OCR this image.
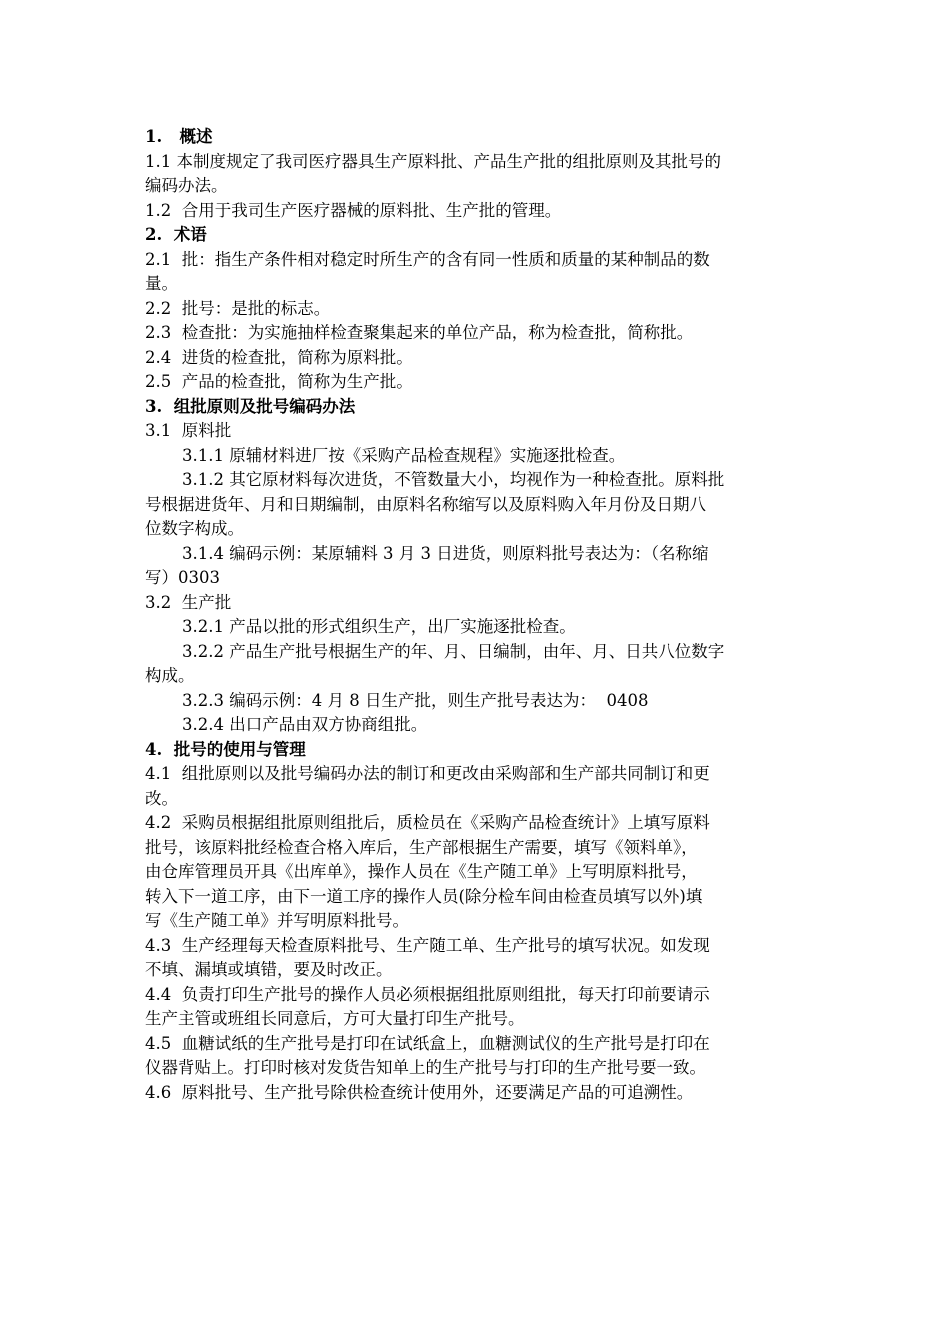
1.   概述
1.1 本制度规定了我司医疗器具生产原料批、产品生产批的组批原则及其批号的
编码办法。
1.2  合用于我司生产医疗器械的原料批、生产批的管理。
2.  术语
2.1  批：指生产条件相对稳定时所生产的含有同一性质和质量的某种制品的数
量。
2.2  批号：是批的标志。
2.3  检查批：为实施抽样检查聚集起来的单位产品，称为检查批，简称批。
2.4  进货的检查批，简称为原料批。
2.5  产品的检查批，简称为生产批。
3.  组批原则及批号编码办法
3.1  原料批
3.1.1 原辅材料进厂按《采购产品检查规程》实施逐批检查。
3.1.2 其它原材料每次进货，不管数量大小，均视作为一种检查批。原料批
号根据进货年、月和日期编制，由原料名称缩写以及原料购入年月份及日期八
位数字构成。
3.1.4 编码示例：某原辅料 3 月 3 日进货，则原料批号表达为：（名称缩
写）0303
3.2  生产批
3.2.1 产品以批的形式组织生产，出厂实施逐批检查。
3.2.2 产品生产批号根据生产的年、月、日编制，由年、月、日共八位数字
构成。
3.2.3 编码示例：4 月 8 日生产批，则生产批号表达为：  0408
3.2.4 出口产品由双方协商组批。
4.  批号的使用与管理
4.1  组批原则以及批号编码办法的制订和更改由采购部和生产部共同制订和更
改。
4.2  采购员根据组批原则组批后，质检员在《采购产品检查统计》上填写原料
批号，该原料批经检查合格入库后，生产部根据生产需要，填写《领料单》，
由仓库管理员开具《出库单》，操作人员在《生产随工单》上写明原料批号，
转入下一道工序，由下一道工序的操作人员(除分检车间由检查员填写以外)填
写《生产随工单》并写明原料批号。
4.3  生产经理每天检查原料批号、生产随工单、生产批号的填写状况。如发现
不填、漏填或填错，要及时改正。
4.4  负责打印生产批号的操作人员必须根据组批原则组批，每天打印前要请示
生产主管或班组长同意后，方可大量打印生产批号。
4.5  血糖试纸的生产批号是打印在试纸盒上，血糖测试仪的生产批号是打印在
仪器背贴上。打印时核对发货告知单上的生产批号与打印的生产批号要一致。
4.6  原料批号、生产批号除供检查统计使用外，还要满足产品的可追溯性。
